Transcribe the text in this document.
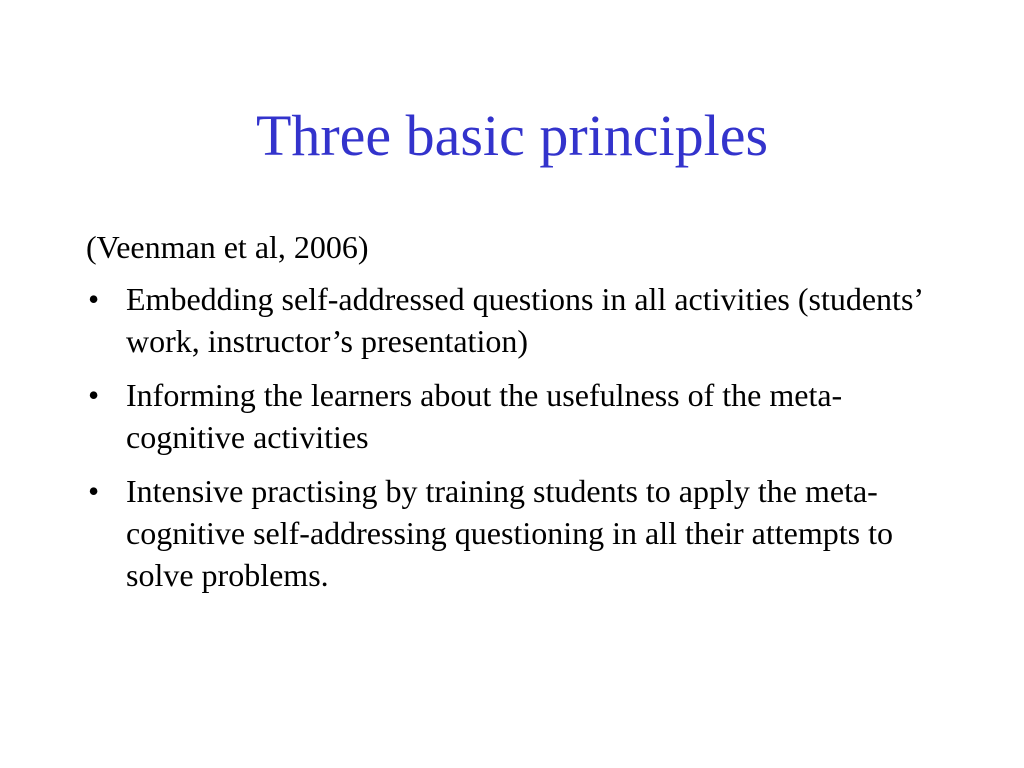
Three basic principles
(Veenman et al, 2006)
• Embedding self-addressed questions in all activities (students’ work, instructor’s presentation)
• Informing the learners about the usefulness of the meta-cognitive activities
• Intensive practising by training students to apply the meta-cognitive self-addressing questioning in all their attempts to solve problems.
